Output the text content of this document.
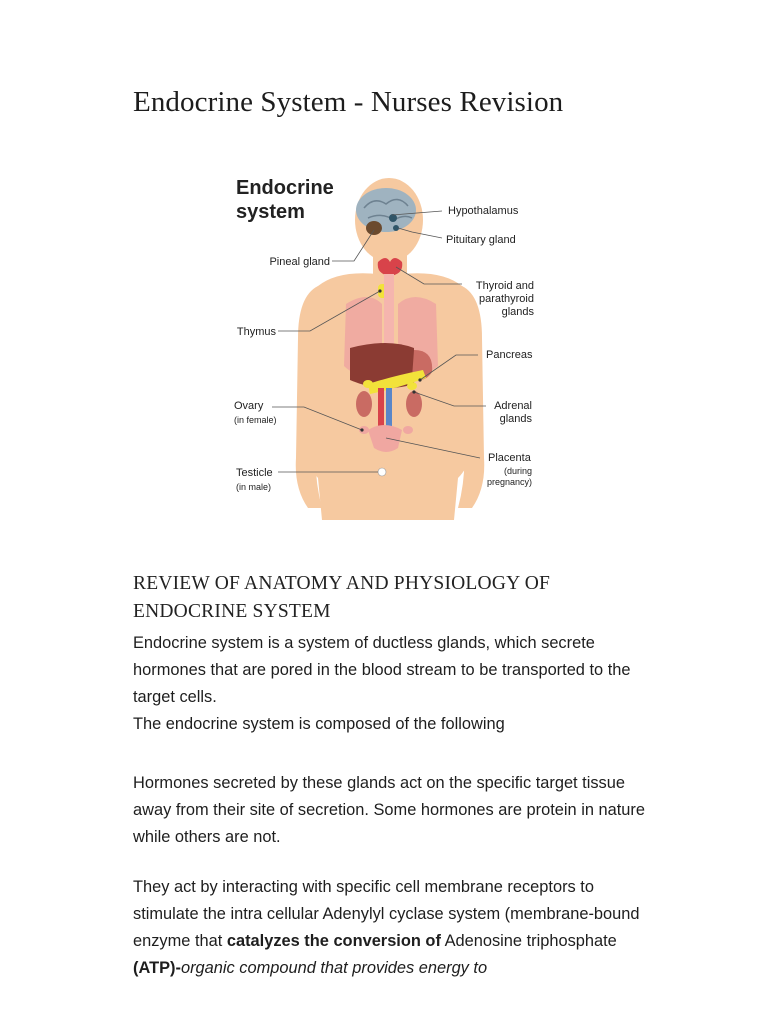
Endocrine System - Nurses Revision
Endocrine
system	Hypothalamus
Pituitary gland
Pineal gland
Thyroid and
parathyroid
glands
Thymus
Pancreas
Ovary
(in female)
Adrenal
glands
Placenta
(during
pregnancy)
Testicle
(in male)
REVIEW OF ANATOMY AND PHYSIOLOGY OF ENDOCRINE SYSTEM

Endocrine system is a system of ductless glands, which secrete hormones that are pored in the blood stream to be transported to the target cells.

The endocrine system is composed of the following

Hormones secreted by these glands act on the specific target tissue away from their site of secretion. Some hormones are protein in nature while others are not.

They act by interacting with specific cell membrane receptors to stimulate the intra cellular Adenylyl cyclase system (membrane-bound enzyme that catalyzes the conversion of Adenosine triphosphate (ATP)-organic compound that provides energy to
